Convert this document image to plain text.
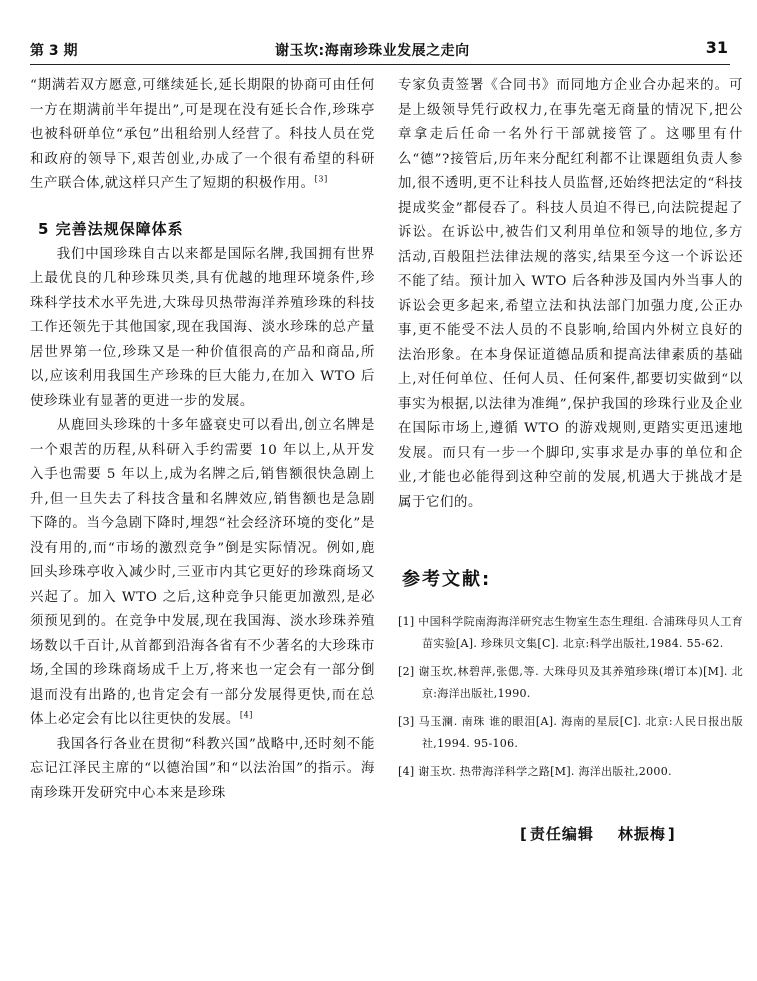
第 3 期	谢玉坎:海南珍珠业发展之走向	31

“期满若双方愿意,可继续延长,延长期限的协商可由任何一方在期满前半年提出”,可是现在没有延长合作,珍珠亭也被科研单位“承包”出租给别人经营了。科技人员在党和政府的领导下,艰苦创业,办成了一个很有希望的科研生产联合体,就这样只产生了短期的积极作用。[3]

5 完善法规保障体系

我们中国珍珠自古以来都是国际名牌,我国拥有世界上最优良的几种珍珠贝类,具有优越的地理环境条件,珍珠科学技术水平先进,大珠母贝热带海洋养殖珍珠的科技工作还领先于其他国家,现在我国海、淡水珍珠的总产量居世界第一位,珍珠又是一种价值很高的产品和商品,所以,应该利用我国生产珍珠的巨大能力,在加入 WTO 后使珍珠业有显著的更进一步的发展。

从鹿回头珍珠的十多年盛衰史可以看出,创立名牌是一个艰苦的历程,从科研入手约需要 10 年以上,从开发入手也需要 5 年以上,成为名牌之后,销售额很快急剧上升,但一旦失去了科技含量和名牌效应,销售额也是急剧下降的。当今急剧下降时,埋怨“社会经济环境的变化”是没有用的,而“市场的激烈竞争”倒是实际情况。例如,鹿回头珍珠亭收入减少时,三亚市内其它更好的珍珠商场又兴起了。加入 WTO 之后,这种竞争只能更加激烈,是必须预见到的。在竞争中发展,现在我国海、淡水珍珠养殖场数以千百计,从首都到沿海各省有不少著名的大珍珠市场,全国的珍珠商场成千上万,将来也一定会有一部分倒退而没有出路的,也肯定会有一部分发展得更快,而在总体上必定会有比以往更快的发展。[4]

我国各行各业在贯彻“科教兴国”战略中,还时刻不能忘记江泽民主席的“以德治国”和“以法治国”的指示。海南珍珠开发研究中心本来是珍珠

专家负责签署《合同书》而同地方企业合办起来的。可是上级领导凭行政权力,在事先毫无商量的情况下,把公章拿走后任命一名外行干部就接管了。这哪里有什么“德”?接管后,历年来分配红利都不让课题组负责人参加,很不透明,更不让科技人员监督,还始终把法定的“科技提成奖金”都侵吞了。科技人员迫不得已,向法院提起了诉讼。在诉讼中,被告们又利用单位和领导的地位,多方活动,百般阻拦法律法规的落实,结果至今这一个诉讼还不能了结。预计加入 WTO 后各种涉及国内外当事人的诉讼会更多起来,希望立法和执法部门加强力度,公正办事,更不能受不法人员的不良影响,给国内外树立良好的法治形象。在本身保证道德品质和提高法律素质的基础上,对任何单位、任何人员、任何案件,都要切实做到“以事实为根据,以法律为准绳”,保护我国的珍珠行业及企业在国际市场上,遵循 WTO 的游戏规则,更踏实更迅速地发展。而只有一步一个脚印,实事求是办事的单位和企业,才能也必能得到这种空前的发展,机遇大于挑战才是属于它们的。

参考文献:

[1] 中国科学院南海海洋研究志生物室生态生理组. 合浦珠母贝人工育苗实验[A]. 珍珠贝文集[C]. 北京:科学出版社,1984. 55-62.

[2] 谢玉坎,林碧萍,张偲,等. 大珠母贝及其养殖珍珠(增订本)[M]. 北京:海洋出版社,1990.

[3] 马玉澜. 南珠 谁的眼泪[A]. 海南的星辰[C]. 北京:人民日报出版社,1994. 95-106.

[4] 谢玉坎. 热带海洋科学之路[M]. 海洋出版社,2000.

[ 责任编辑 林振梅 ]
